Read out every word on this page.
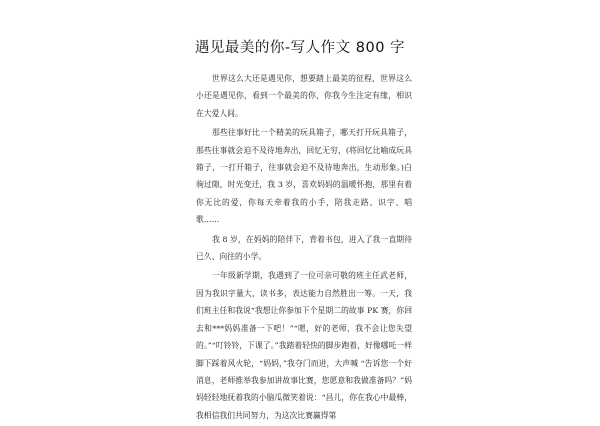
遇见最美的你-写人作文 800 字

世界这么大还是遇见你，想要踏上最美的征程，世界这么小还是遇见你，看到一个最美的你，你我今生注定有缘，相识在大爱人间。

那些往事好比一个精美的玩具箱子，哪天打开玩具箱子，那些往事就会迫不及待地奔出，回忆无穷，(将回忆比喻成玩具箱子，一打开箱子，往事就会迫不及待地奔出，生动形象。)白驹过隙，时光变迁，我 3 岁，喜欢妈妈的温暖怀抱，那里有着你无比的爱，你每天牵着我的小手，陪我走路、识字、唱歌……

我 8 岁，在妈妈的陪伴下，背着书包，进入了我一直期待已久、向往的小学。

一年级新学期，我遇到了一位可亲可敬的班主任武老师，因为我识字量大，读书多，表达能力自然胜出一筹。一天，我们班主任和我说“我想让你参加下个星期二的故事 PK 赛，你回去和***妈妈准备一下吧！”“嗯，好的老师，我不会让您失望的。”“叮铃铃，下课了。”我踏着轻快的脚步跑着，好像哪吒一样脚下踩着风火轮，“妈妈，”我夺门而进，大声喊 “告诉您一个好消息，老师推举我参加讲故事比赛，您愿意和我做准备吗？”妈妈轻轻地抚着我的小脑瓜微笑着说：“昌儿，你在我心中最棒，我相信我们共同努力，为这次比赛赢得第
